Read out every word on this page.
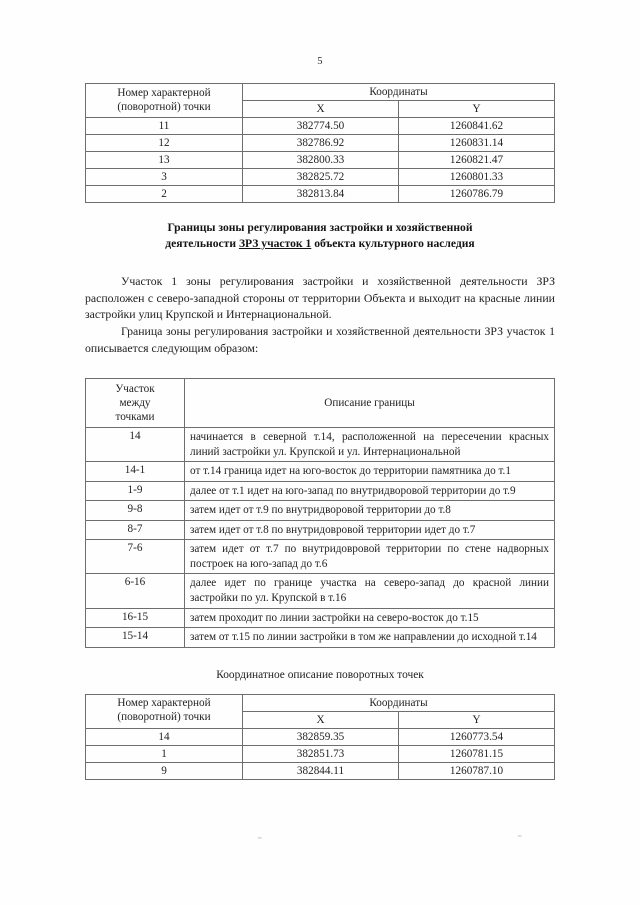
5
Номер характерной
(поворотной) точки	Координаты	
	X	Y
11	382774.50	1260841.62
12	382786.92	1260831.14
13	382800.33	1260821.47
3	382825.72	1260801.33
2	382813.84	1260786.79
Границы зоны регулирования застройки и хозяйственной
деятельности ЗРЗ участок 1 объекта культурного наследия

Участок 1 зоны регулирования застройки и хозяйственной деятельности ЗРЗ расположен с северо-западной стороны от территории Объекта и выходит на красные линии застройки улиц Крупской и Интернациональной.

Граница зоны регулирования застройки и хозяйственной деятельности ЗРЗ участок 1 описывается следующим образом:

Участок
между
точками	Описание границы
14	начинается в северной т.14, расположенной на пересечении красных линий застройки ул. Крупской и ул. Интернациональной
14-1	от т.14 граница идет на юго-восток до территории памятника до т.1
1-9	далее от т.1 идет на юго-запад по внутридворовой территории до т.9
9-8	затем идет от т.9 по внутридворовой территории до т.8
8-7	затем идет от т.8 по внутридовровой территории идет до т.7
7-6	затем идет от т.7 по внутридовровой территории по стене надворных построек на юго-запад до т.6
6-16	далее идет по границе участка на северо-запад до красной линии застройки по ул. Крупской в т.16
16-15	затем проходит по линии застройки на северо-восток до т.15
15-14	затем от т.15 по линии застройки в том же направлении до исходной т.14
Координатное описание поворотных точек
Номер характерной
(поворотной) точки	Координаты	
	X	Y
14	382859.35	1260773.54
1	382851.73	1260781.15
9	382844.11	1260787.10
‗	‗
